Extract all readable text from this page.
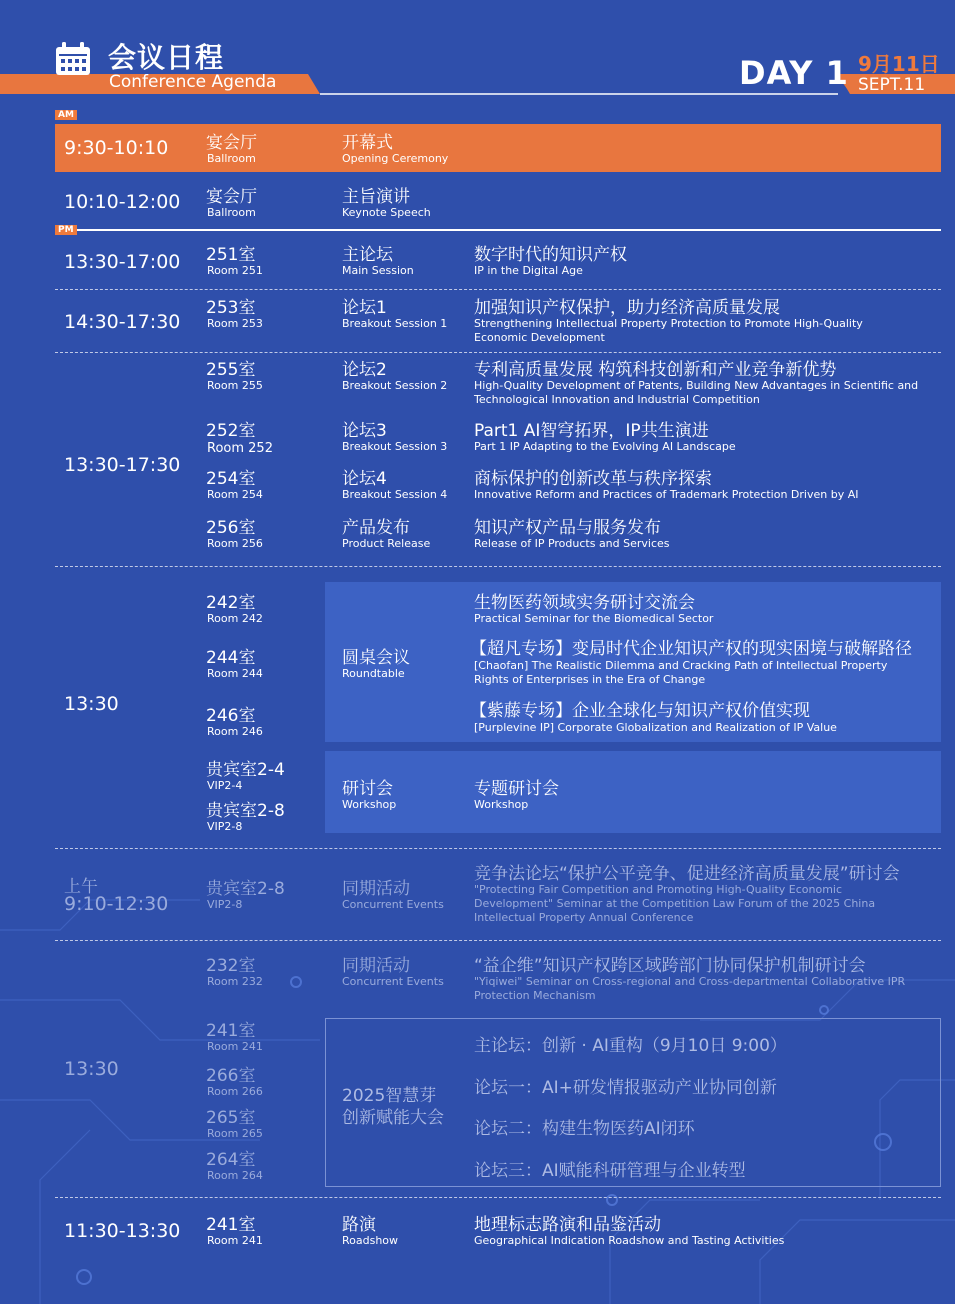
会议日程
Conference Agenda	DAY 1 9月11日
SEPT.11
AM
9:30-10:10 宴会厅
Ballroom
开幕式
Opening Ceremony
10:10-12:00 宴会厅
Ballroom
主旨演讲
Keynote Speech
PM
13:30-17:00 251室
Room 251
主论坛
Main Session
数字时代的知识产权
IP in the Digital Age
14:30-17:30
253室
Room 253
论坛1
Breakout Session 1
加强知识产权保护，助力经济高质量发展
Strengthening Intellectual Property Protection to Promote High-Quality
Economic Development
13:30-17:30
255室
Room 255
论坛2
Breakout Session 2
专利高质量发展 构筑科技创新和产业竞争新优势
High-Quality Development of Patents, Building New Advantages in Scientific and
Technological Innovation and Industrial Competition
252室
Room 252
论坛3
Breakout Session 3
Part1 AI智穹拓界，IP共生演进
Part 1 IP Adapting to the Evolving AI Landscape
254室
Room 254
论坛4
Breakout Session 4
商标保护的创新改革与秩序探索
Innovative Reform and Practices of Trademark Protection Driven by AI
256室
Room 256
产品发布
Product Release
知识产权产品与服务发布
Release of IP Products and Services
13:30
242室
Room 242
244室
Room 244
246室
Room 246
贵宾室2-4
VIP2-4
贵宾室2-8
VIP2-8
圆桌会议
Roundtable
生物医药领域实务研讨交流会
Practical Seminar for the Biomedical Sector
【超凡专场】变局时代企业知识产权的现实困境与破解路径
[Chaofan] The Realistic Dilemma and Cracking Path of Intellectual Property
Rights of Enterprises in the Era of Change
【紫藤专场】企业全球化与知识产权价值实现
[Purplevine IP] Corporate Globalization and Realization of IP Value
研讨会
Workshop
专题研讨会
Workshop
上午
9:10-12:30
贵宾室2-8
VIP2-8
同期活动
Concurrent Events
竞争法论坛“保护公平竞争、促进经济高质量发展”研讨会
"Protecting Fair Competition and Promoting High-Quality Economic
Development" Seminar at the Competition Law Forum of the 2025 China
Intellectual Property Annual Conference
13:30
232室
Room 232
同期活动
Concurrent Events
“益企维”知识产权跨区域跨部门协同保护机制研讨会
"Yiqiwei" Seminar on Cross-regional and Cross-departmental Collaborative IPR
Protection Mechanism
241室
Room 241
266室
Room 266
265室
Room 265
264室
Room 264
2025智慧芽
创新赋能大会
主论坛：创新 · AI重构（9月10日 9:00）
论坛一：AI+研发情报驱动产业协同创新
论坛二：构建生物医药AI闭环
论坛三：AI赋能科研管理与企业转型
11:30-13:30 241室
Room 241
路演
Roadshow
地理标志路演和品鉴活动
Geographical Indication Roadshow and Tasting Activities
